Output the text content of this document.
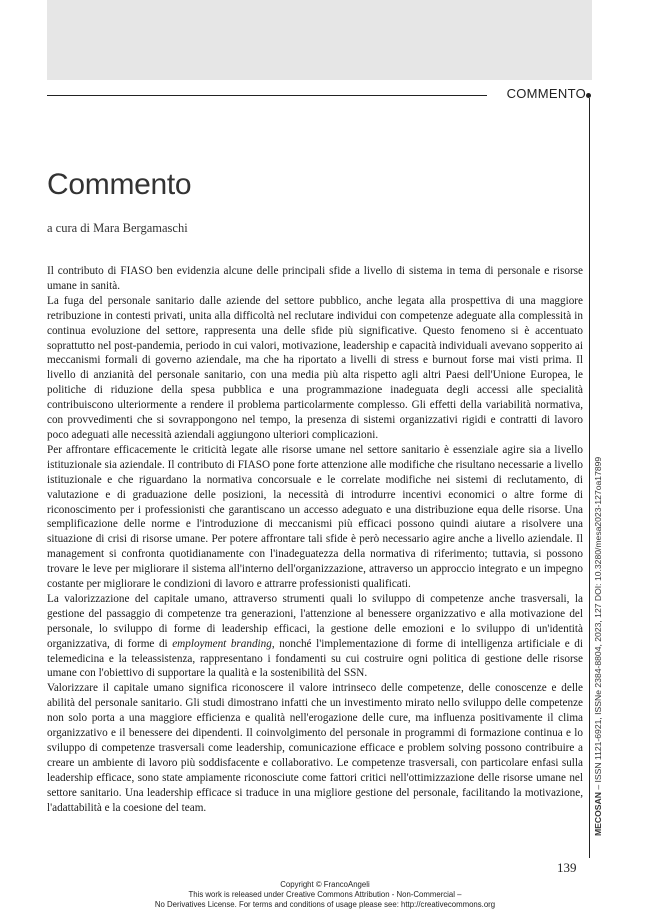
COMMENTO
MECOSAN – ISSN 1121-6921, ISSNe 2384-8804, 2023, 127 DOI: 10.3280/mesa2023-127oa17899
Commento
a cura di Mara Bergamaschi

Il contributo di FIASO ben evidenzia alcune delle principali sfide a livello di sistema in tema di personale e risorse umane in sanità.

La fuga del personale sanitario dalle aziende del settore pubblico, anche legata alla prospettiva di una maggiore retribuzione in contesti privati, unita alla difficoltà nel reclutare individui con competenze adeguate alla complessità in continua evoluzione del settore, rappresenta una delle sfide più significative. Questo fenomeno si è accentuato soprattutto nel post-pandemia, periodo in cui valori, motivazione, leadership e capacità individuali avevano sopperito ai meccanismi formali di governo aziendale, ma che ha riportato a livelli di stress e burnout forse mai visti prima. Il livello di anzianità del personale sanitario, con una media più alta rispetto agli altri Paesi dell'Unione Europea, le politiche di riduzione della spesa pubblica e una programmazione inadeguata degli accessi alle specialità contribuiscono ulteriormente a rendere il problema particolarmente complesso. Gli effetti della variabilità normativa, con provvedimenti che si sovrappongono nel tempo, la presenza di sistemi organizzativi rigidi e contratti di lavoro poco adeguati alle necessità aziendali aggiungono ulteriori complicazioni.

Per affrontare efficacemente le criticità legate alle risorse umane nel settore sanitario è essenziale agire sia a livello istituzionale sia aziendale. Il contributo di FIASO pone forte attenzione alle modifiche che risultano necessarie a livello istituzionale e che riguardano la normativa concorsuale e le correlate modifiche nei sistemi di reclutamento, di valutazione e di graduazione delle posizioni, la necessità di introdurre incentivi economici o altre forme di riconoscimento per i professionisti che garantiscano un accesso adeguato e una distribuzione equa delle risorse. Una semplificazione delle norme e l'introduzione di meccanismi più efficaci possono quindi aiutare a risolvere una situazione di crisi di risorse umane. Per potere affrontare tali sfide è però necessario agire anche a livello aziendale. Il management si confronta quotidianamente con l'inadeguatezza della normativa di riferimento; tuttavia, si possono trovare le leve per migliorare il sistema all'interno dell'organizzazione, attraverso un approccio integrato e un impegno costante per migliorare le condizioni di lavoro e attrarre professionisti qualificati.

La valorizzazione del capitale umano, attraverso strumenti quali lo sviluppo di competenze anche trasversali, la gestione del passaggio di competenze tra generazioni, l'attenzione al benessere organizzativo e alla motivazione del personale, lo sviluppo di forme di leadership efficaci, la gestione delle emozioni e lo sviluppo di un'identità organizzativa, di forme di employment branding, nonché l'implementazione di forme di intelligenza artificiale e di telemedicina e la teleassistenza, rappresentano i fondamenti su cui costruire ogni politica di gestione delle risorse umane con l'obiettivo di supportare la qualità e la sostenibilità del SSN.

Valorizzare il capitale umano significa riconoscere il valore intrinseco delle competenze, delle conoscenze e delle abilità del personale sanitario. Gli studi dimostrano infatti che un investimento mirato nello sviluppo delle competenze non solo porta a una maggiore efficienza e qualità nell'erogazione delle cure, ma influenza positivamente il clima organizzativo e il benessere dei dipendenti. Il coinvolgimento del personale in programmi di formazione continua e lo sviluppo di competenze trasversali come leadership, comunicazione efficace e problem solving possono contribuire a creare un ambiente di lavoro più soddisfacente e collaborativo. Le competenze trasversali, con particolare enfasi sulla leadership efficace, sono state ampiamente riconosciute come fattori critici nell'ottimizzazione delle risorse umane nel settore sanitario. Una leadership efficace si traduce in una migliore gestione del personale, facilitando la motivazione, l'adattabilità e la coesione del team.

139
Copyright © FrancoAngeli
This work is released under Creative Commons Attribution - Non-Commercial –
No Derivatives License. For terms and conditions of usage please see: http://creativecommons.org
